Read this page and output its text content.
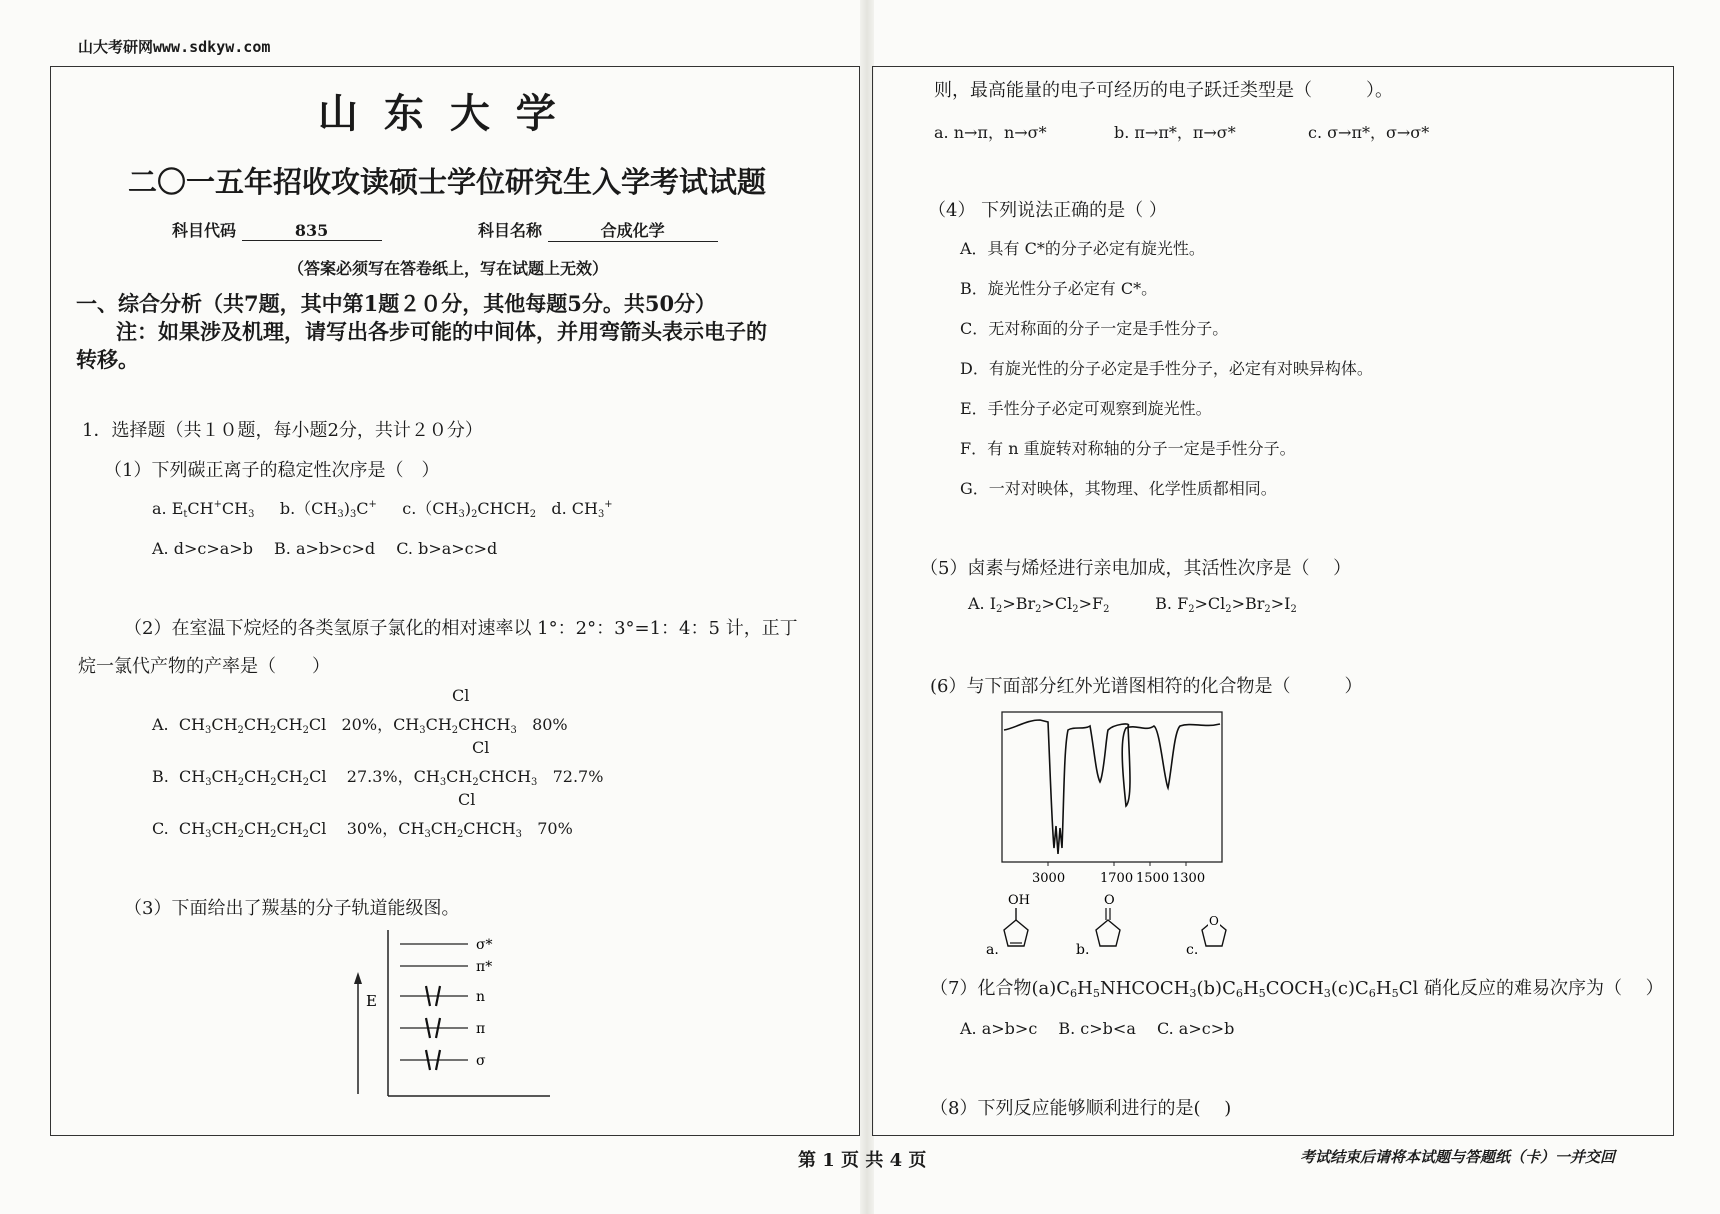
山大考研网www.sdkyw.com
山 东 大 学
二〇一五年招收攻读硕士学位研究生入学考试试题
科目代码	835	科目名称	合成化学
（答案必须写在答卷纸上，写在试题上无效）
一、综合分析（共7题，其中第1题２０分，其他每题5分。共50分）
注：如果涉及机理，请写出各步可能的中间体，并用弯箭头表示电子的
转移。
1．选择题（共１０题，每小题2分，共计２０分）
（1）下列碳正离子的稳定性次序是（　）
a. $E_tCH^+CH_3$ $b.(CH_3)_3C^+$ $c.(CH_3)_2CHCH_2$ d. $CH_3^+$
A. d>c>a>b　 B. a>b>c>d　 C. b>a>c>d
（2）在室温下烷烃的各类氢原子氯化的相对速率以 1°：2°：3°=1：4：5 计，正丁
烷一氯代产物的产率是（　　）
Cl
A.  $CH_3CH_2CH_2CH_2Cl$   20%，$CH_3CH_2CHCH_3$ 80%
Cl
B.  $CH_3CH_2CH_2CH_2Cl$    27.3%，$CH_3CH_2CHCH_3$ 72.7%
Cl
C.  $CH_3CH_2CH_2CH_2Cl$    30%，$CH_3CH_2CHCH_3$ 70%
（3）下面给出了羰基的分子轨道能级图。
E
σ*
π*
n
π
σ
则，最高能量的电子可经历的电子跃迁类型是（　　　）。
a. n→π，n→σ*	b. π→π*，π→σ*	c. σ→π*，σ→σ*
（4） 下列说法正确的是（ ）
A．具有 C*的分子必定有旋光性。
B．旋光性分子必定有 C*。
C．无对称面的分子一定是手性分子。
D．有旋光性的分子必定是手性分子，必定有对映异构体。
E．手性分子必定可观察到旋光性。
F．有 n 重旋转对称轴的分子一定是手性分子。
G．一对对映体，其物理、化学性质都相同。
（5）卤素与烯烃进行亲电加成，其活性次序是（　 ）
A. $I_2>Br_2>Cl_2>F_2$	B. $F_2>Cl_2>Br_2>I_2$
(6）与下面部分红外光谱图相符的化合物是（　　　）
3000	1700 1500 1300
a.
OH
b.
O
c.
O
（7）化合物$(a)C_6H_5NHCOCH_3(b)C_6H_5COCH_3(c)C_6H_5Cl$ 硝化反应的难易次序为（　 ）
A. a>b>c　 B. c>b<a　 C. a>c>b
（8）下列反应能够顺利进行的是(　 )
第 1 页 共 4 页	考试结束后请将本试题与答题纸（卡）一并交回
